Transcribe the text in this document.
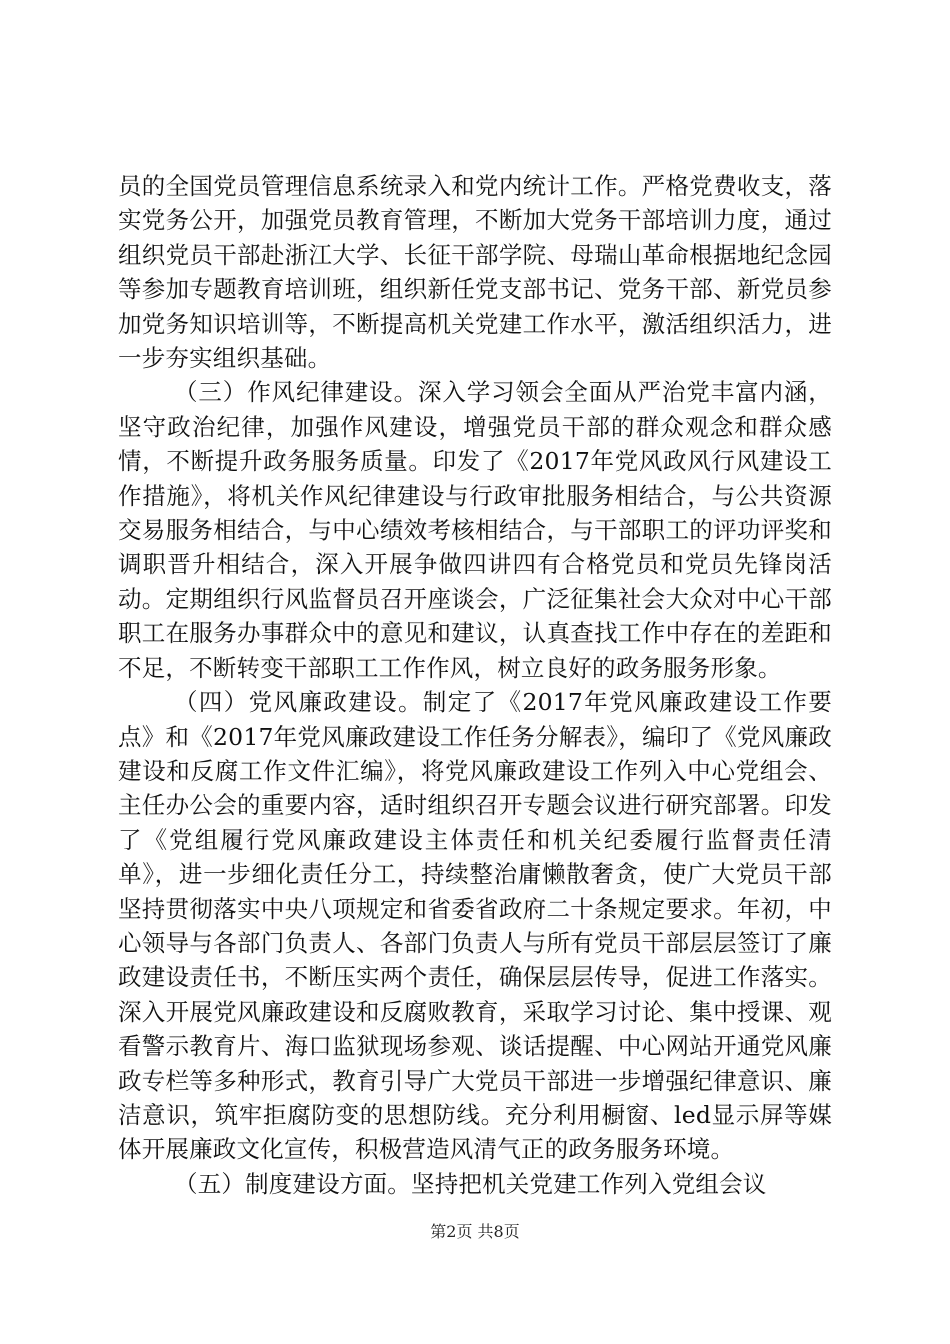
员的全国党员管理信息系统录入和党内统计工作。严格党费收支，落实党务公开，加强党员教育管理，不断加大党务干部培训力度，通过组织党员干部赴浙江大学、长征干部学院、母瑞山革命根据地纪念园等参加专题教育培训班，组织新任党支部书记、党务干部、新党员参加党务知识培训等，不断提高机关党建工作水平，激活组织活力，进一步夯实组织基础。

（三）作风纪律建设。深入学习领会全面从严治党丰富内涵，坚守政治纪律，加强作风建设，增强党员干部的群众观念和群众感情，不断提升政务服务质量。印发了《2017年党风政风行风建设工作措施》，将机关作风纪律建设与行政审批服务相结合，与公共资源交易服务相结合，与中心绩效考核相结合，与干部职工的评功评奖和调职晋升相结合，深入开展争做四讲四有合格党员和党员先锋岗活动。定期组织行风监督员召开座谈会，广泛征集社会大众对中心干部职工在服务办事群众中的意见和建议，认真查找工作中存在的差距和不足，不断转变干部职工工作作风，树立良好的政务服务形象。

（四）党风廉政建设。制定了《2017年党风廉政建设工作要点》和《2017年党风廉政建设工作任务分解表》，编印了《党风廉政建设和反腐工作文件汇编》，将党风廉政建设工作列入中心党组会、主任办公会的重要内容，适时组织召开专题会议进行研究部署。印发了《党组履行党风廉政建设主体责任和机关纪委履行监督责任清单》，进一步细化责任分工，持续整治庸懒散奢贪，使广大党员干部坚持贯彻落实中央八项规定和省委省政府二十条规定要求。年初，中心领导与各部门负责人、各部门负责人与所有党员干部层层签订了廉政建设责任书，不断压实两个责任，确保层层传导，促进工作落实。深入开展党风廉政建设和反腐败教育，采取学习讨论、集中授课、观看警示教育片、海口监狱现场参观、谈话提醒、中心网站开通党风廉政专栏等多种形式，教育引导广大党员干部进一步增强纪律意识、廉洁意识，筑牢拒腐防变的思想防线。充分利用橱窗、led显示屏等媒体开展廉政文化宣传，积极营造风清气正的政务服务环境。

（五）制度建设方面。坚持把机关党建工作列入党组会议

第2页 共8页
